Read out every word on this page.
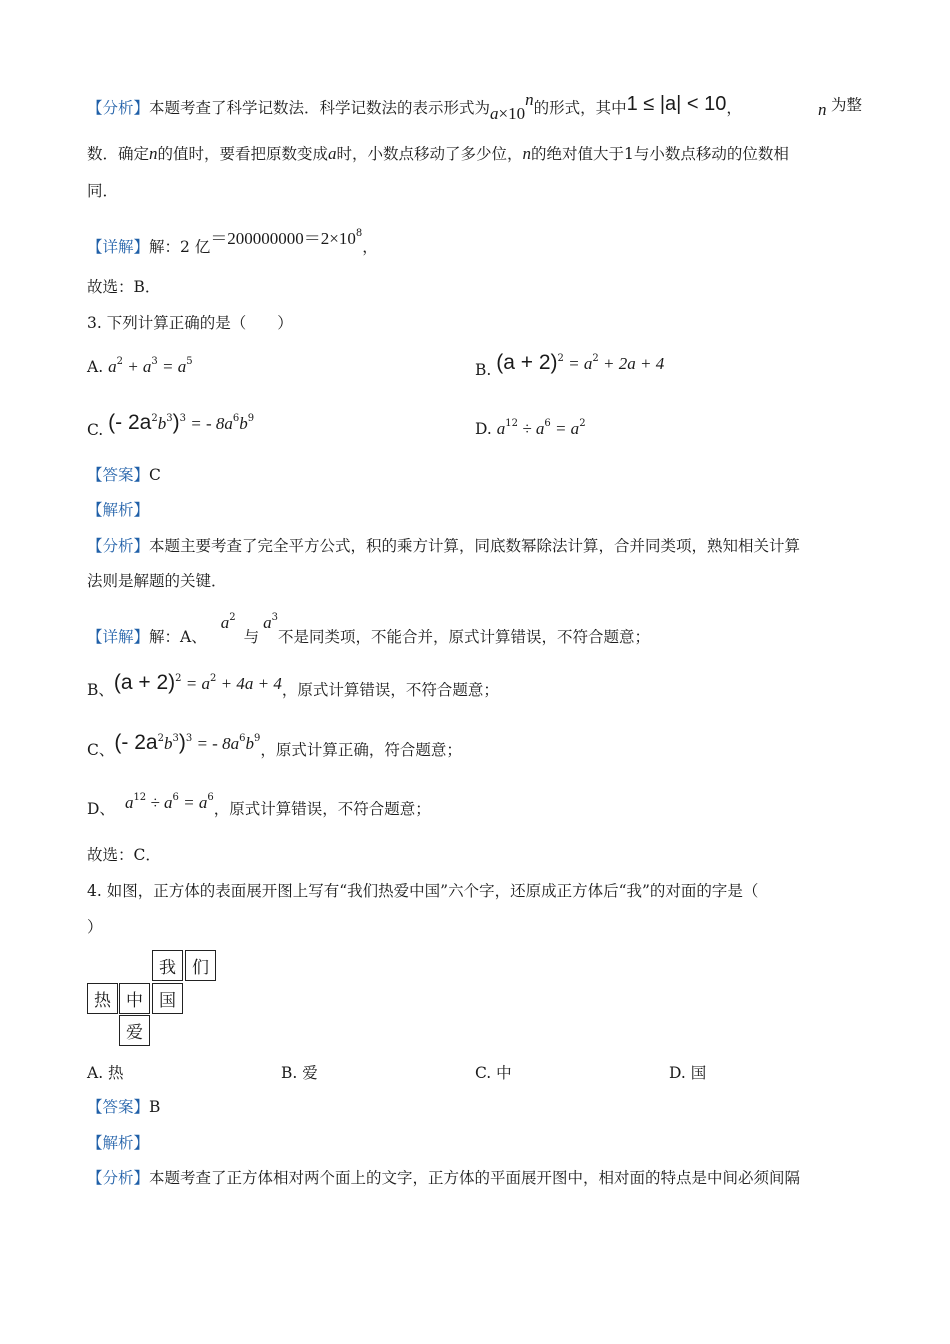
【分析】本题考查了科学记数法．科学记数法的表示形式为$a\times 10^n$的形式，其中1 ≤ |a| < 10，	n 为整
数．确定n的值时，要看把原数变成a时，小数点移动了多少位，n的绝对值大于1与小数点移动的位数相
同．
【详解】解：2 亿$=200000000=2\times 10^8$，
故选：B．
3. 下列计算正确的是（　　）
A. $a^2 + a^3 = a^5$	B. $(a + 2)^2 = a^2 + 2a + 4$
C. (- $2a^2b^3)^3$ = - $8a^6b^9$
D. $a^{12} \div a^6 = a^2$
【答案】C
【解析】
【分析】本题主要考查了完全平方公式，积的乘方计算，同底数幂除法计算，合并同类项，熟知相关计算
法则是解题的关键．
【详解】解：A、$a^2$与$a^3$不是同类项，不能合并，原式计算错误，不符合题意；
B、$(a + 2)^2 = a^2 + 4a + 4$，原式计算错误，不符合题意；
C、(- $2a^2b^3)^3$ = - $8a^6b^9$，原式计算正确，符合题意；
D、 $a^{12} \div a^6 = a^6$，原式计算错误，不符合题意；
故选：C．
4. 如图，正方体的表面展开图上写有“我们热爱中国”六个字，还原成正方体后“我”的对面的字是（
）
我 们
热 中 国
爱
A. 热	B. 爱	C. 中	D. 国
【答案】B
【解析】
【分析】本题考查了正方体相对两个面上的文字，正方体的平面展开图中，相对面的特点是中间必须间隔
